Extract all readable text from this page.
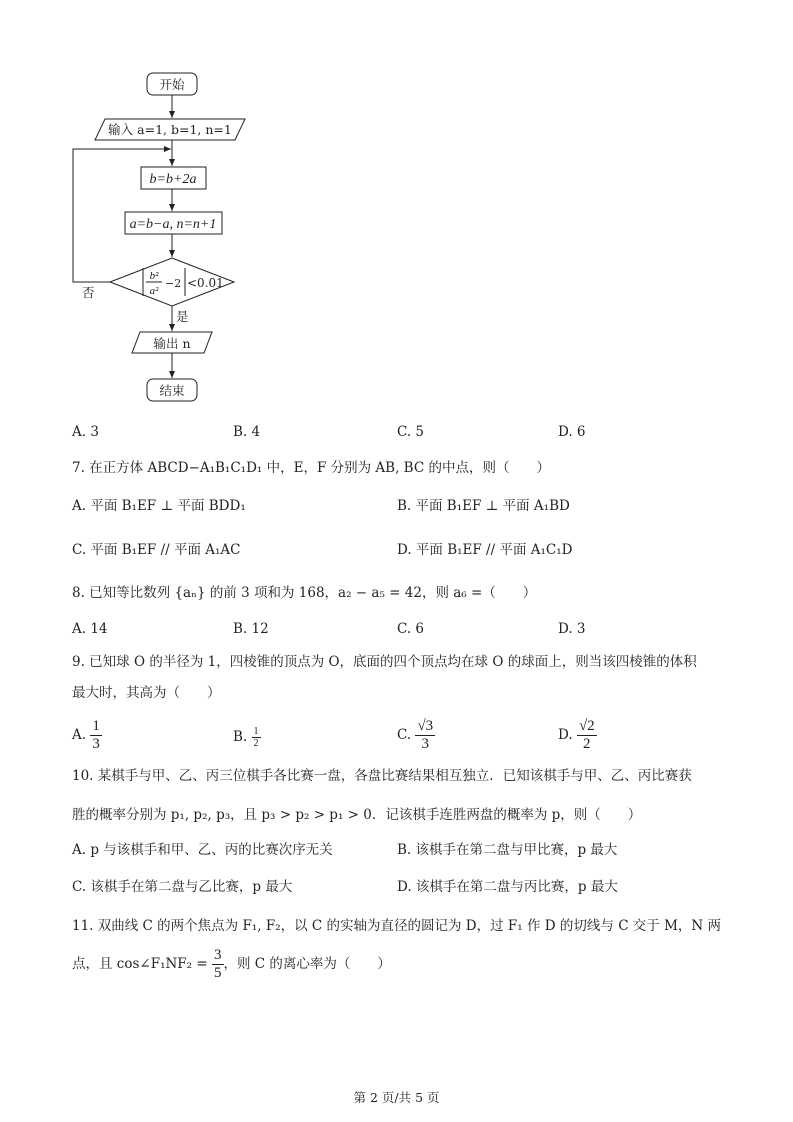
开始
输入 a=1, b=1, n=1
b=b+2a
a=b−a, n=n+1
b²
a²
−2 <0.01
否
是
输出 n
结束
A. 3	B. 4	C. 5	D. 6
7. 在正方体 ABCD−A₁B₁C₁D₁ 中，E，F 分别为 AB, BC 的中点，则（　　）
A. 平面 B₁EF ⊥ 平面 BDD₁	B. 平面 B₁EF ⊥ 平面 A₁BD
C. 平面 B₁EF // 平面 A₁AC	D. 平面 B₁EF // 平面 A₁C₁D
8. 已知等比数列 {aₙ} 的前 3 项和为 168，a₂ − a₅ = 42，则 a₆ =（　　）
A. 14	B. 12	C. 6	D. 3
9. 已知球 O 的半径为 1，四棱锥的顶点为 O，底面的四个顶点均在球 O 的球面上，则当该四棱锥的体积
最大时，其高为（　　）
A. $\frac{1}{3}$	B. $\frac{1}{2}$	C. $\frac{√3}{3}$	D. $\frac{√2}{2}$
10. 某棋手与甲、乙、丙三位棋手各比赛一盘，各盘比赛结果相互独立．已知该棋手与甲、乙、丙比赛获
胜的概率分别为 p₁, p₂, p₃，且 p₃ > p₂ > p₁ > 0．记该棋手连胜两盘的概率为 p，则（　　）
A. p 与该棋手和甲、乙、丙的比赛次序无关	B. 该棋手在第二盘与甲比赛，p 最大
C. 该棋手在第二盘与乙比赛，p 最大	D. 该棋手在第二盘与丙比赛，p 最大
11. 双曲线 C 的两个焦点为 F₁, F₂，以 C 的实轴为直径的圆记为 D，过 F₁ 作 D 的切线与 C 交于 M，N 两
点，且 cos∠F₁NF₂ = $\frac{3}{5}$ ，则 C 的离心率为（　　）
第 2 页/共 5 页
